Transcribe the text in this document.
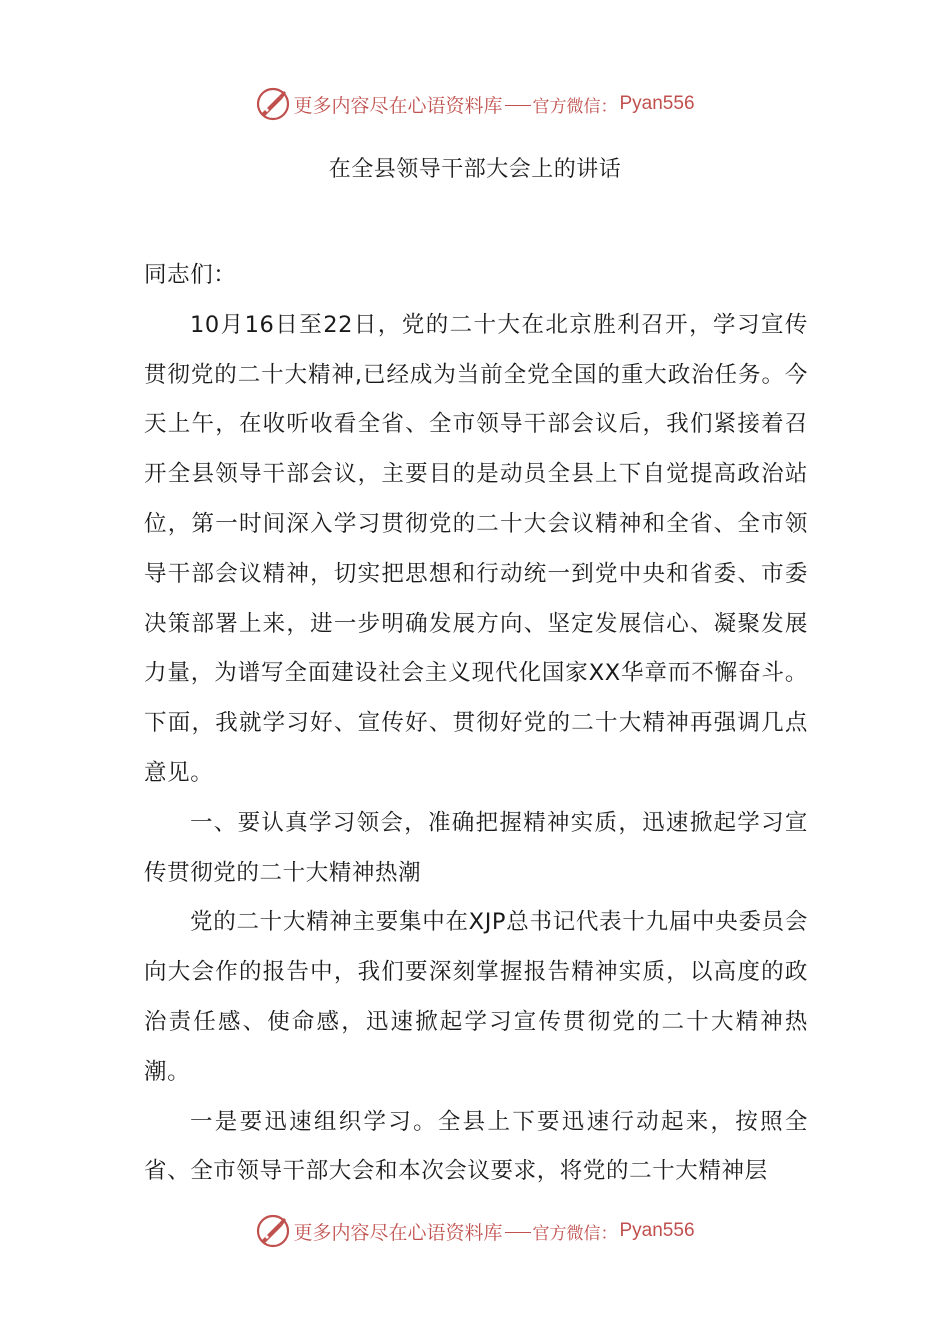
更多内容尽在心语资料库 官方微信： Pyan556
在全县领导干部大会上的讲话

同志们：

10月16日至22日，党的二十大在北京胜利召开，学习宣传贯彻党的二十大精神,已经成为当前全党全国的重大政治任务。今天上午，在收听收看全省、全市领导干部会议后，我们紧接着召开全县领导干部会议，主要目的是动员全县上下自觉提高政治站位，第一时间深入学习贯彻党的二十大会议精神和全省、全市领导干部会议精神，切实把思想和行动统一到党中央和省委、市委决策部署上来，进一步明确发展方向、坚定发展信心、凝聚发展力量，为谱写全面建设社会主义现代化国家XX华章而不懈奋斗。下面，我就学习好、宣传好、贯彻好党的二十大精神再强调几点意见。

一、要认真学习领会，准确把握精神实质，迅速掀起学习宣传贯彻党的二十大精神热潮

党的二十大精神主要集中在XJP总书记代表十九届中央委员会向大会作的报告中，我们要深刻掌握报告精神实质，以高度的政治责任感、使命感，迅速掀起学习宣传贯彻党的二十大精神热潮。

一是要迅速组织学习。全县上下要迅速行动起来，按照全省、全市领导干部大会和本次会议要求，将党的二十大精神层

更多内容尽在心语资料库 官方微信： Pyan556
